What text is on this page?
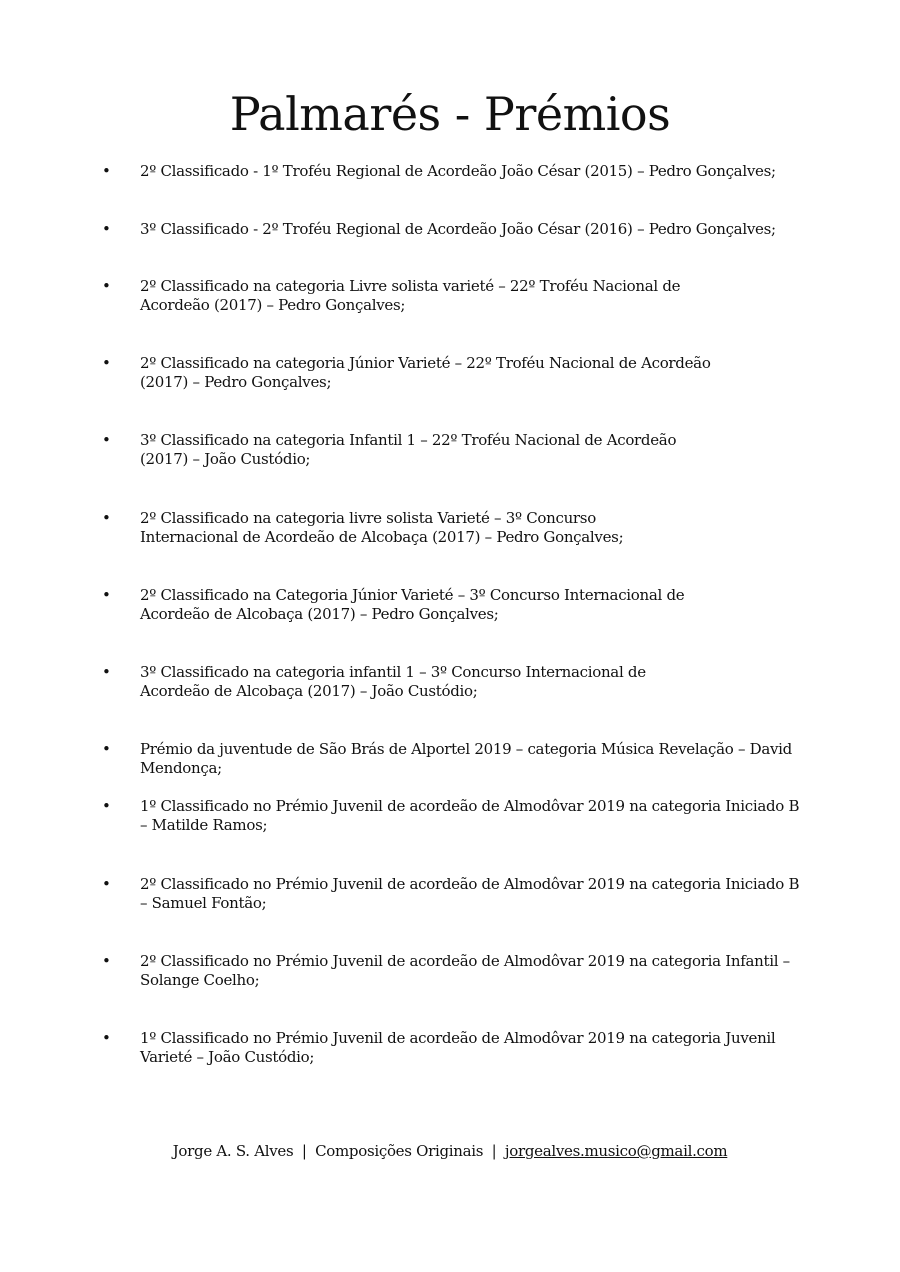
Palmarés - Prémios
• 2º Classificado - 1º Troféu Regional de Acordeão João César (2015) – Pedro Gonçalves;
• 3º Classificado - 2º Troféu Regional de Acordeão João César (2016) – Pedro Gonçalves;
• 2º Classificado na categoria Livre solista varieté – 22º Troféu Nacional de Acordeão (2017) – Pedro Gonçalves;
• 2º Classificado na categoria Júnior Varieté – 22º Troféu Nacional de Acordeão (2017) – Pedro Gonçalves;
• 3º Classificado na categoria Infantil 1 – 22º Troféu Nacional de Acordeão (2017) – João Custódio;
• 2º Classificado na categoria livre solista Varieté – 3º Concurso Internacional de Acordeão de Alcobaça (2017) – Pedro Gonçalves;
• 2º Classificado na Categoria Júnior Varieté – 3º Concurso Internacional de Acordeão de Alcobaça (2017) – Pedro Gonçalves;
• 3º Classificado na categoria infantil 1 – 3º Concurso Internacional de Acordeão de Alcobaça (2017) – João Custódio;
• Prémio da juventude de São Brás de Alportel 2019 – categoria Música Revelação – David Mendonça;
• 1º Classificado no Prémio Juvenil de acordeão de Almodôvar 2019 na categoria Iniciado B – Matilde Ramos;
• 2º Classificado no Prémio Juvenil de acordeão de Almodôvar 2019 na categoria Iniciado B – Samuel Fontão;
• 2º Classificado no Prémio Juvenil de acordeão de Almodôvar 2019 na categoria Infantil – Solange Coelho;
• 1º Classificado no Prémio Juvenil de acordeão de Almodôvar 2019 na categoria Juvenil Varieté – João Custódio;
Jorge A. S. Alves | Composições Originais | jorgealves.musico@gmail.com
